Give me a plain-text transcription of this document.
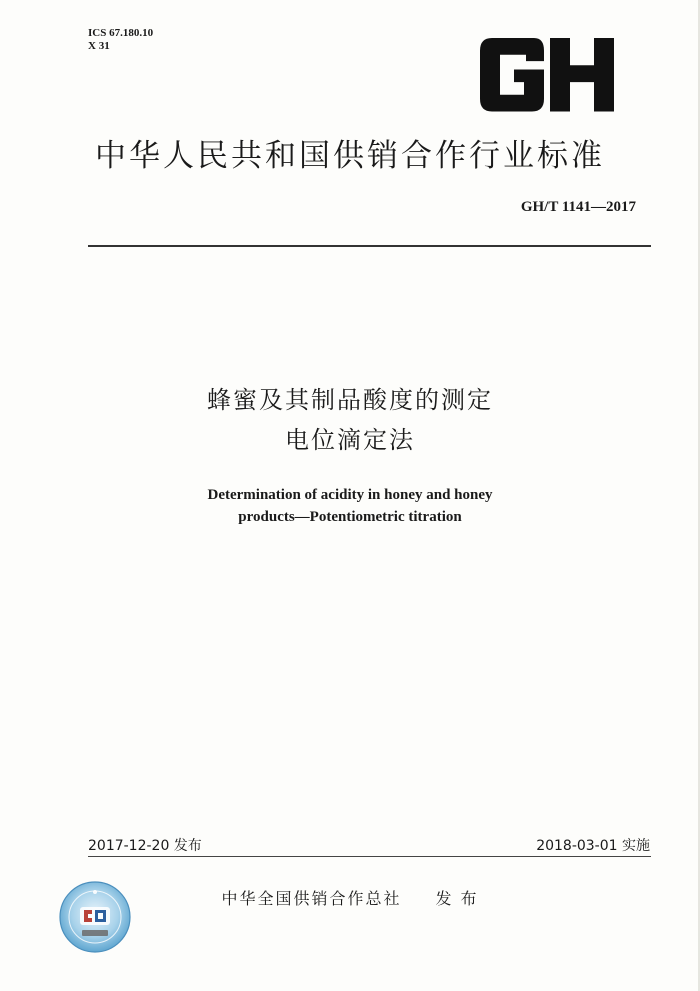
ICS 67.180.10
X 31
中华人民共和国供销合作行业标准
GH/T 1141—2017
蜂蜜及其制品酸度的测定
电位滴定法
Determination of acidity in honey and honey
products—Potentiometric titration
2017-12-20 发布	2018-03-01 实施
中华全国供销合作总社 发 布
